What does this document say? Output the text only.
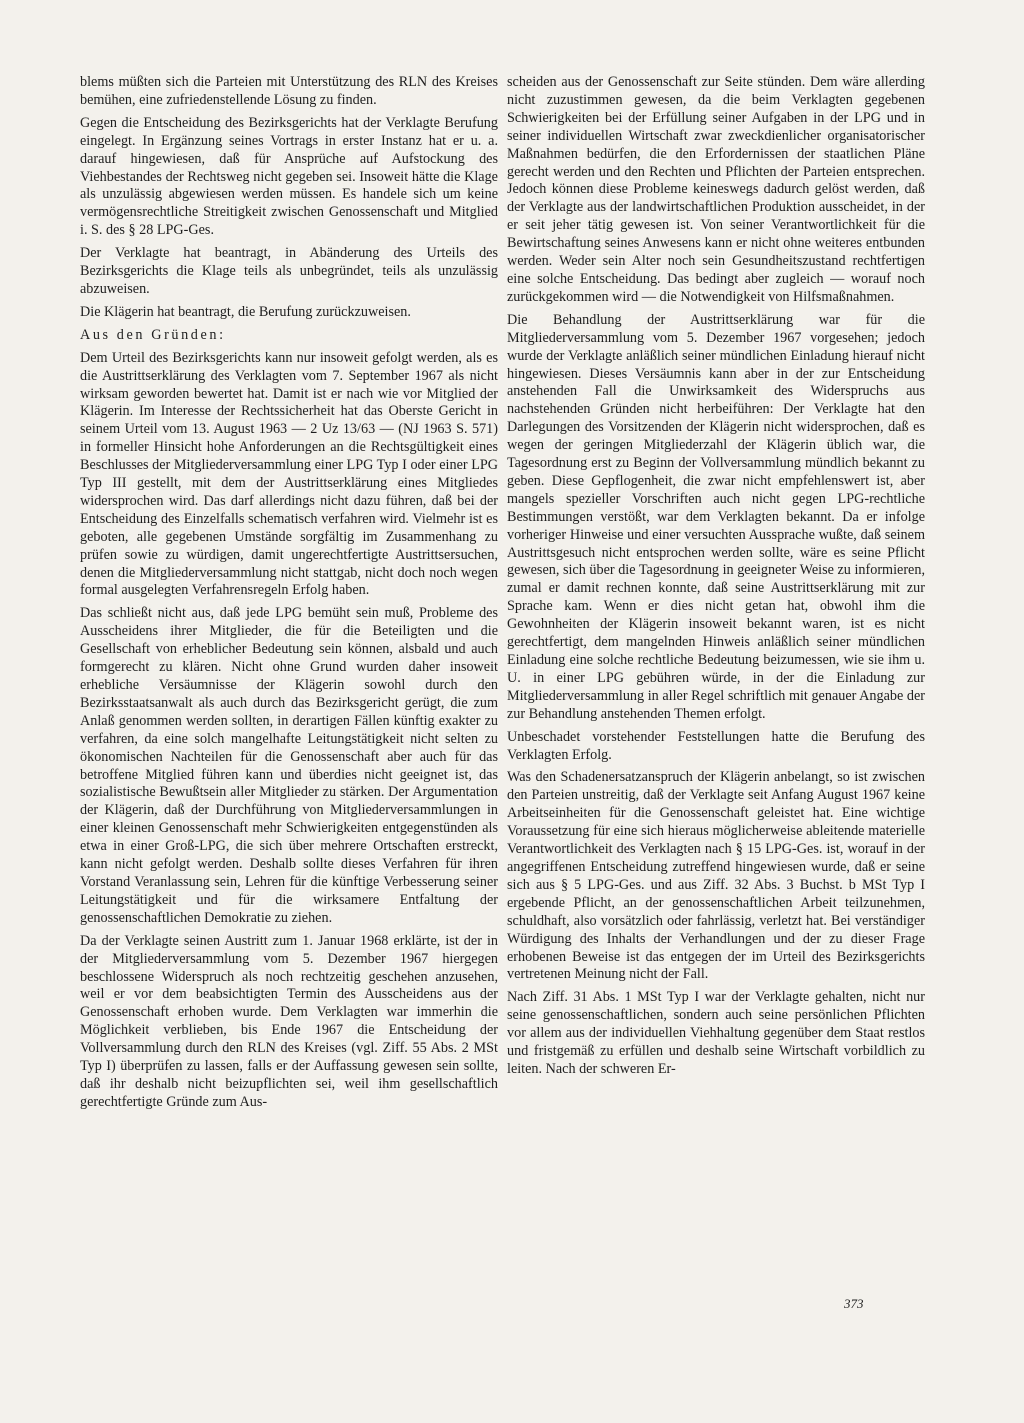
blems müßten sich die Parteien mit Unterstützung des RLN des Kreises bemühen, eine zufriedenstellende Lösung zu finden.

Gegen die Entscheidung des Bezirksgerichts hat der Verklagte Berufung eingelegt. In Ergänzung seines Vortrags in erster Instanz hat er u. a. darauf hingewiesen, daß für Ansprüche auf Aufstockung des Viehbestandes der Rechtsweg nicht gegeben sei. Insoweit hätte die Klage als unzulässig abgewiesen werden müssen. Es handele sich um keine vermögensrechtliche Streitigkeit zwischen Genossenschaft und Mitglied i. S. des § 28 LPG-Ges.

Der Verklagte hat beantragt, in Abänderung des Urteils des Bezirksgerichts die Klage teils als unbegründet, teils als unzulässig abzuweisen.

Die Klägerin hat beantragt, die Berufung zurückzuweisen.

Aus den Gründen:

Dem Urteil des Bezirksgerichts kann nur insoweit gefolgt werden, als es die Austrittserklärung des Verklagten vom 7. September 1967 als nicht wirksam geworden bewertet hat. Damit ist er nach wie vor Mitglied der Klägerin. Im Interesse der Rechtssicherheit hat das Oberste Gericht in seinem Urteil vom 13. August 1963 — 2 Uz 13/63 — (NJ 1963 S. 571) in formeller Hinsicht hohe Anforderungen an die Rechtsgültigkeit eines Beschlusses der Mitgliederversammlung einer LPG Typ I oder einer LPG Typ III gestellt, mit dem der Austrittserklärung eines Mitgliedes widersprochen wird. Das darf allerdings nicht dazu führen, daß bei der Entscheidung des Einzelfalls schematisch verfahren wird. Vielmehr ist es geboten, alle gegebenen Umstände sorgfältig im Zusammenhang zu prüfen sowie zu würdigen, damit ungerechtfertigte Austrittsersuchen, denen die Mitgliederversammlung nicht stattgab, nicht doch noch wegen formal ausgelegten Verfahrensregeln Erfolg haben.

Das schließt nicht aus, daß jede LPG bemüht sein muß, Probleme des Ausscheidens ihrer Mitglieder, die für die Beteiligten und die Gesellschaft von erheblicher Bedeutung sein können, alsbald und auch formgerecht zu klären. Nicht ohne Grund wurden daher insoweit erhebliche Versäumnisse der Klägerin sowohl durch den Bezirksstaatsanwalt als auch durch das Bezirksgericht gerügt, die zum Anlaß genommen werden sollten, in derartigen Fällen künftig exakter zu verfahren, da eine solch mangelhafte Leitungstätigkeit nicht selten zu ökonomischen Nachteilen für die Genossenschaft aber auch für das betroffene Mitglied führen kann und überdies nicht geeignet ist, das sozialistische Bewußtsein aller Mitglieder zu stärken. Der Argumentation der Klägerin, daß der Durchführung von Mitgliederversammlungen in einer kleinen Genossenschaft mehr Schwierigkeiten entgegenstünden als etwa in einer Groß-LPG, die sich über mehrere Ortschaften erstreckt, kann nicht gefolgt werden. Deshalb sollte dieses Verfahren für ihren Vorstand Veranlassung sein, Lehren für die künftige Verbesserung seiner Leitungstätigkeit und für die wirksamere Entfaltung der genossenschaftlichen Demokratie zu ziehen.

Da der Verklagte seinen Austritt zum 1. Januar 1968 erklärte, ist der in der Mitgliederversammlung vom 5. Dezember 1967 hiergegen beschlossene Widerspruch als noch rechtzeitig geschehen anzusehen, weil er vor dem beabsichtigten Termin des Ausscheidens aus der Genossenschaft erhoben wurde. Dem Verklagten war immerhin die Möglichkeit verblieben, bis Ende 1967 die Entscheidung der Vollversammlung durch den RLN des Kreises (vgl. Ziff. 55 Abs. 2 MSt Typ I) überprüfen zu lassen, falls er der Auffassung gewesen sein sollte, daß ihr deshalb nicht beizupflichten sei, weil ihm gesellschaftlich gerechtfertigte Gründe zum Aus-

scheiden aus der Genossenschaft zur Seite stünden. Dem wäre allerding nicht zuzustimmen gewesen, da die beim Verklagten gegebenen Schwierigkeiten bei der Erfüllung seiner Aufgaben in der LPG und in seiner individuellen Wirtschaft zwar zweckdienlicher organisatorischer Maßnahmen bedürfen, die den Erfordernissen der staatlichen Pläne gerecht werden und den Rechten und Pflichten der Parteien entsprechen. Jedoch können diese Probleme keineswegs dadurch gelöst werden, daß der Verklagte aus der landwirtschaftlichen Produktion ausscheidet, in der er seit jeher tätig gewesen ist. Von seiner Verantwortlichkeit für die Bewirtschaftung seines Anwesens kann er nicht ohne weiteres entbunden werden. Weder sein Alter noch sein Gesundheitszustand rechtfertigen eine solche Entscheidung. Das bedingt aber zugleich — worauf noch zurückgekommen wird — die Notwendigkeit von Hilfsmaßnahmen.

Die Behandlung der Austrittserklärung war für die Mitgliederversammlung vom 5. Dezember 1967 vorgesehen; jedoch wurde der Verklagte anläßlich seiner mündlichen Einladung hierauf nicht hingewiesen. Dieses Versäumnis kann aber in der zur Entscheidung anstehenden Fall die Unwirksamkeit des Widerspruchs aus nachstehenden Gründen nicht herbeiführen: Der Verklagte hat den Darlegungen des Vorsitzenden der Klägerin nicht widersprochen, daß es wegen der geringen Mitgliederzahl der Klägerin üblich war, die Tagesordnung erst zu Beginn der Vollversammlung mündlich bekannt zu geben. Diese Gepflogenheit, die zwar nicht empfehlenswert ist, aber mangels spezieller Vorschriften auch nicht gegen LPG-rechtliche Bestimmungen verstößt, war dem Verklagten bekannt. Da er infolge vorheriger Hinweise und einer versuchten Aussprache wußte, daß seinem Austrittsgesuch nicht entsprochen werden sollte, wäre es seine Pflicht gewesen, sich über die Tagesordnung in geeigneter Weise zu informieren, zumal er damit rechnen konnte, daß seine Austrittserklärung mit zur Sprache kam. Wenn er dies nicht getan hat, obwohl ihm die Gewohnheiten der Klägerin insoweit bekannt waren, ist es nicht gerechtfertigt, dem mangelnden Hinweis anläßlich seiner mündlichen Einladung eine solche rechtliche Bedeutung beizumessen, wie sie ihm u. U. in einer LPG gebühren würde, in der die Einladung zur Mitgliederversammlung in aller Regel schriftlich mit genauer Angabe der zur Behandlung anstehenden Themen erfolgt.

Unbeschadet vorstehender Feststellungen hatte die Berufung des Verklagten Erfolg.

Was den Schadenersatzanspruch der Klägerin anbelangt, so ist zwischen den Parteien unstreitig, daß der Verklagte seit Anfang August 1967 keine Arbeitseinheiten für die Genossenschaft geleistet hat. Eine wichtige Voraussetzung für eine sich hieraus möglicherweise ableitende materielle Verantwortlichkeit des Verklagten nach § 15 LPG-Ges. ist, worauf in der angegriffenen Entscheidung zutreffend hingewiesen wurde, daß er seine sich aus § 5 LPG-Ges. und aus Ziff. 32 Abs. 3 Buchst. b MSt Typ I ergebende Pflicht, an der genossenschaftlichen Arbeit teilzunehmen, schuldhaft, also vorsätzlich oder fahrlässig, verletzt hat. Bei verständiger Würdigung des Inhalts der Verhandlungen und der zu dieser Frage erhobenen Beweise ist das entgegen der im Urteil des Bezirksgerichts vertretenen Meinung nicht der Fall.

Nach Ziff. 31 Abs. 1 MSt Typ I war der Verklagte gehalten, nicht nur seine genossenschaftlichen, sondern auch seine persönlichen Pflichten vor allem aus der individuellen Viehhaltung gegenüber dem Staat restlos und fristgemäß zu erfüllen und deshalb seine Wirtschaft vorbildlich zu leiten. Nach der schweren Er-

373
